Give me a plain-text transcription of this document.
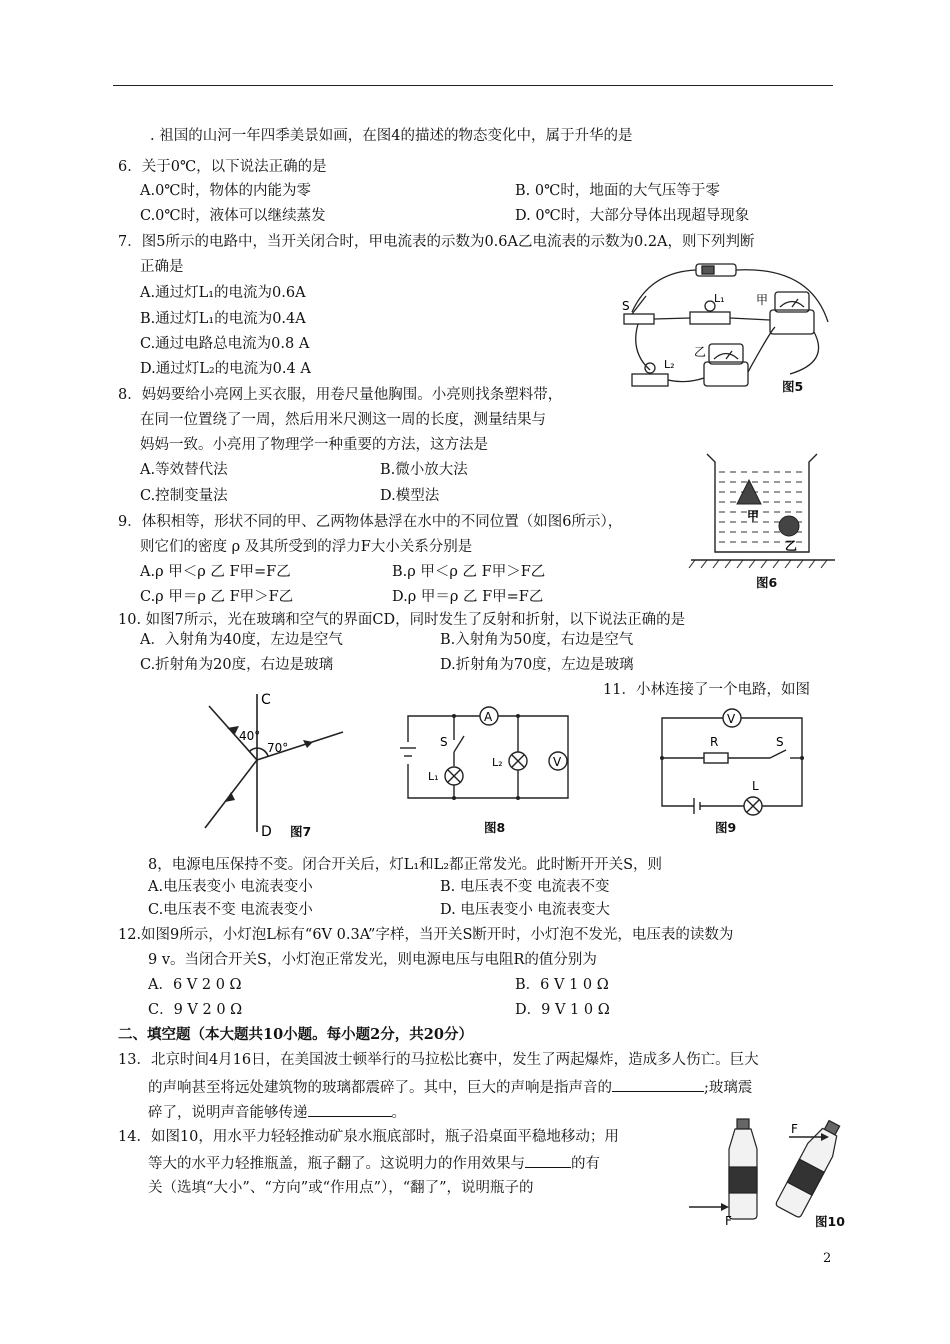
. 祖国的山河一年四季美景如画，在图4的描述的物态变化中，属于升华的是
6．关于0℃，以下说法正确的是
A.0℃时，物体的内能为零	B. 0℃时，地面的大气压等于零
C.0℃时，液体可以继续蒸发	D. 0℃时，大部分导体出现超导现象
7．图5所示的电路中，当开关闭合时，甲电流表的示数为0.6A乙电流表的示数为0.2A，则下列判断
正确是
A.通过灯L₁的电流为0.6A
B.通过灯L₁的电流为0.4A
C.通过电路总电流为0.8 A
D.通过灯L₂的电流为0.4 A
S
L₁
L₂
甲
乙
图5
8．妈妈要给小亮网上买衣服，用卷尺量他胸围。小亮则找条塑料带，
在同一位置绕了一周，然后用米尺测这一周的长度，测量结果与
妈妈一致。小亮用了物理学一种重要的方法，这方法是
A.等效替代法	B.微小放大法
C.控制变量法	D.模型法
甲
乙
图6
9．体积相等，形状不同的甲、乙两物体悬浮在水中的不同位置（如图6所示），
则它们的密度 ρ 及其所受到的浮力F大小关系分别是
A.ρ 甲＜ρ 乙 F甲=F乙	B.ρ 甲＜ρ 乙 F甲＞F乙
C.ρ 甲＝ρ 乙 F甲＞F乙	D.ρ 甲＝ρ 乙 F甲=F乙
10. 如图7所示，光在玻璃和空气的界面CD，同时发生了反射和折射，以下说法正确的是
A．入射角为40度，左边是空气	B.入射角为50度，右边是空气
C.折射角为20度，右边是玻璃	D.折射角为70度，左边是玻璃
11．小林连接了一个电路，如图
C
D
40°
70°
图7
A
S
L₁
L₂	V
图8
V
R	S
L
图9
8，电源电压保持不变。闭合开关后，灯L₁和L₂都正常发光。此时断开开关S，则
A.电压表变小 电流表变小	B. 电压表不变 电流表不变
C.电压表不变 电流表变小	D. 电压表变小 电流表变大
12.如图9所示，小灯泡L标有“6V 0.3A”字样，当开关S断开时，小灯泡不发光，电压表的读数为
9 v。当闭合开关S，小灯泡正常发光，则电源电压与电阻R的值分别为
A．6 V 2 0 Ω	B．6 V 1 0 Ω
C．9 V 2 0 Ω	D．9 V 1 0 Ω
二、填空题（本大题共10小题。每小题2分，共20分）
13．北京时间4月16日，在美国波士顿举行的马拉松比赛中，发生了两起爆炸，造成多人伤亡。巨大
的声响甚至将远处建筑物的玻璃都震碎了。其中，巨大的声响是指声音的	;玻璃震
碎了，说明声音能够传递	。
14．如图10，用水平力轻轻推动矿泉水瓶底部时，瓶子沿桌面平稳地移动；用
等大的水平力轻推瓶盖，瓶子翻了。这说明力的作用效果与	的有
关（选填“大小”、“方向”或“作用点”），“翻了”，说明瓶子的
F
F
图10
2
